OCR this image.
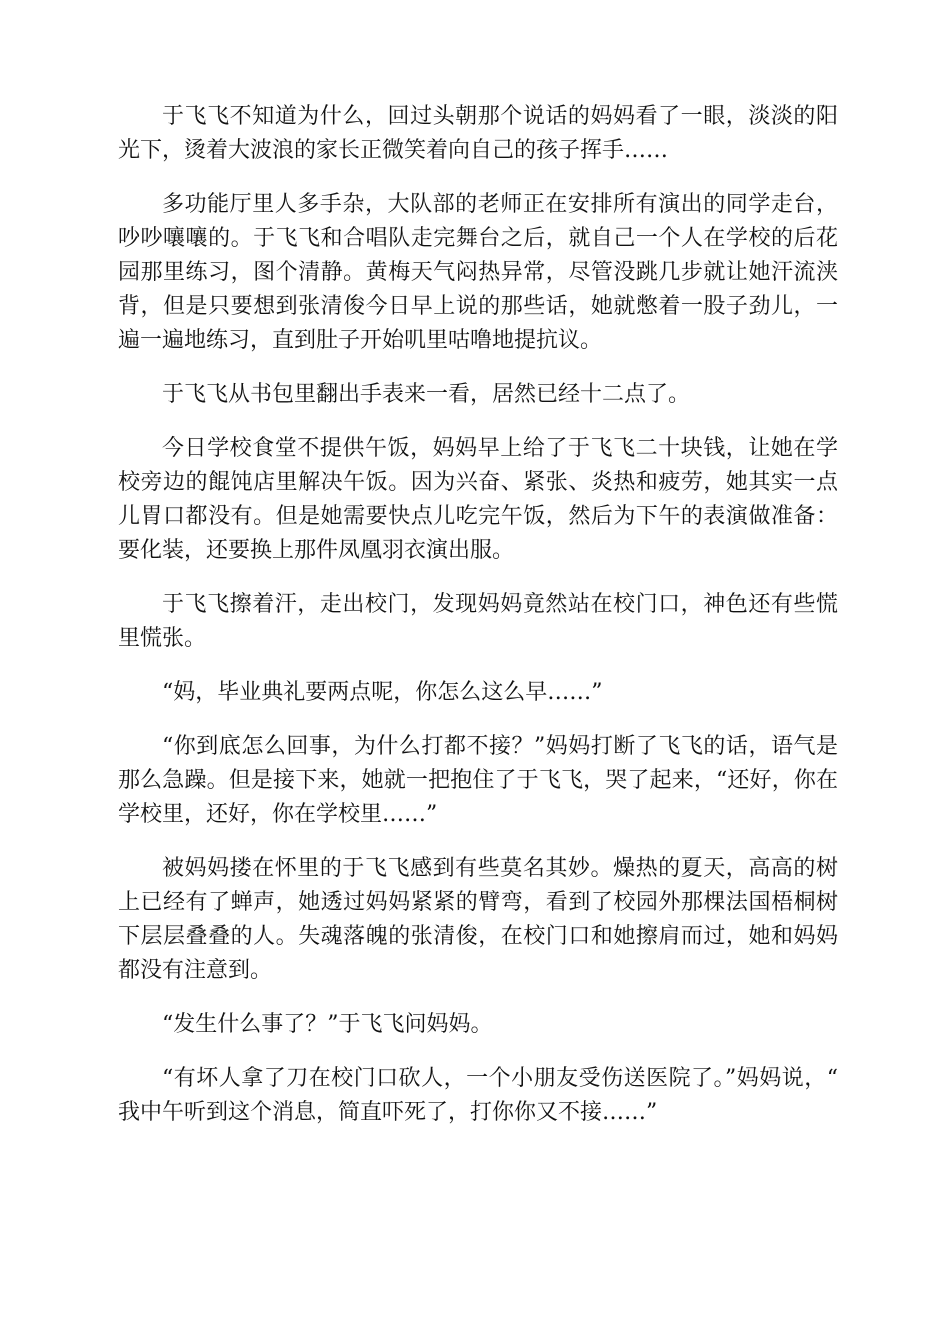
于飞飞不知道为什么，回过头朝那个说话的妈妈看了一眼，淡淡的阳光下，烫着大波浪的家长正微笑着向自己的孩子挥手……

多功能厅里人多手杂，大队部的老师正在安排所有演出的同学走台，吵吵嚷嚷的。于飞飞和合唱队走完舞台之后，就自己一个人在学校的后花园那里练习，图个清静。黄梅天气闷热异常，尽管没跳几步就让她汗流浃背，但是只要想到张清俊今日早上说的那些话，她就憋着一股子劲儿，一遍一遍地练习，直到肚子开始叽里咕噜地提抗议。

于飞飞从书包里翻出手表来一看，居然已经十二点了。

今日学校食堂不提供午饭，妈妈早上给了于飞飞二十块钱，让她在学校旁边的餛饨店里解决午饭。因为兴奋、紧张、炎热和疲劳，她其实一点儿胃口都没有。但是她需要快点儿吃完午饭，然后为下午的表演做准备：要化装，还要换上那件凤凰羽衣演出服。

于飞飞擦着汗，走出校门，发现妈妈竟然站在校门口，神色还有些慌里慌张。

“妈，毕业典礼要两点呢，你怎么这么早……”

“你到底怎么回事，为什么打都不接？”妈妈打断了飞飞的话，语气是那么急躁。但是接下来，她就一把抱住了于飞飞，哭了起来，“还好，你在学校里，还好，你在学校里……”

被妈妈搂在怀里的于飞飞感到有些莫名其妙。燥热的夏天，高高的树上已经有了蝉声，她透过妈妈紧紧的臂弯，看到了校园外那棵法国梧桐树下层层叠叠的人。失魂落魄的张清俊，在校门口和她擦肩而过，她和妈妈都没有注意到。

“发生什么事了？”于飞飞问妈妈。

“有坏人拿了刀在校门口砍人，一个小朋友受伤送医院了。”妈妈说，“我中午听到这个消息，简直吓死了，打你你又不接……”
